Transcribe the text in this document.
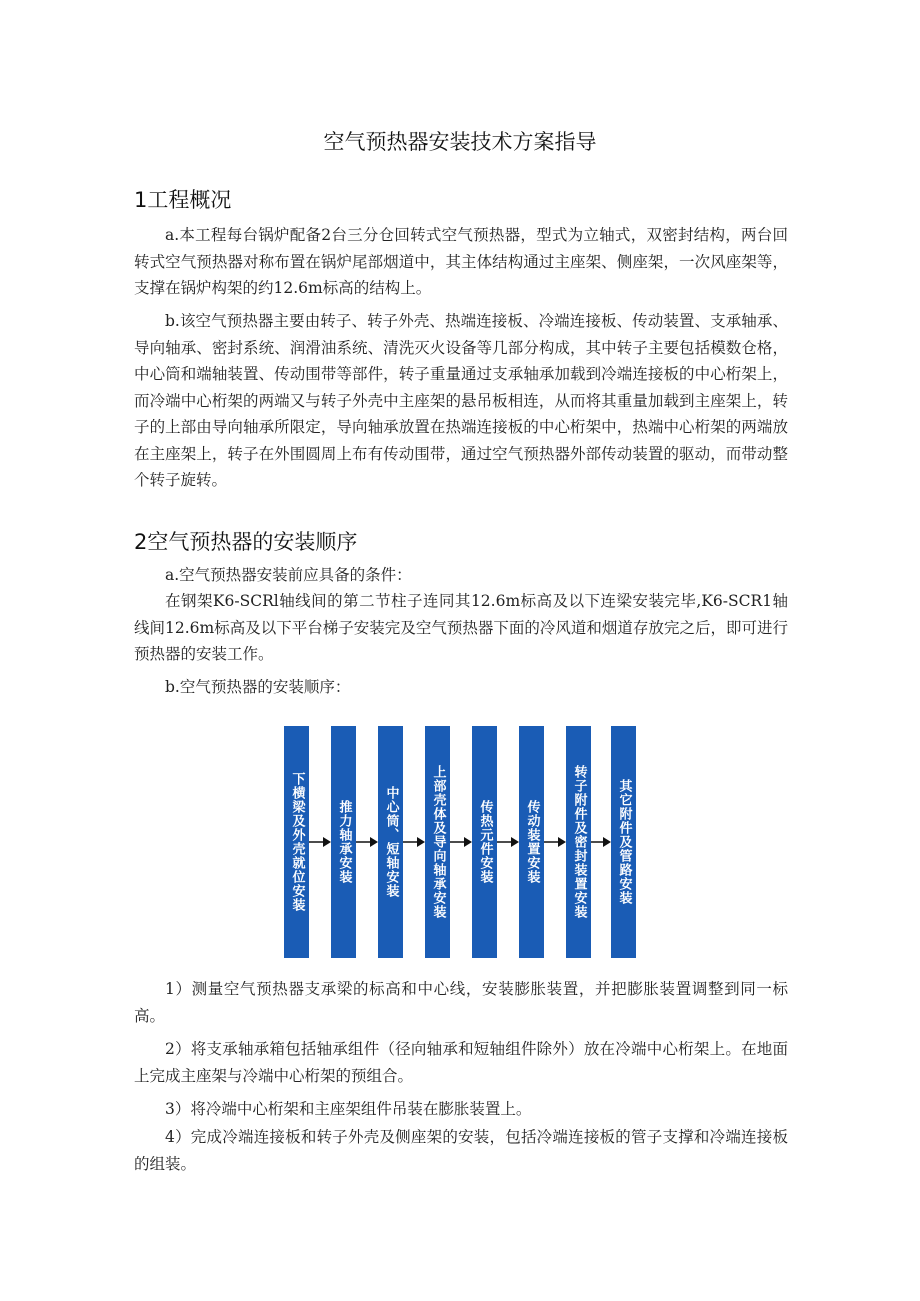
空气预热器安装技术方案指导
1工程概况

a.本工程每台锅炉配备2台三分仓回转式空气预热器，型式为立轴式，双密封结构，两台回转式空气预热器对称布置在锅炉尾部烟道中，其主体结构通过主座架、侧座架，一次风座架等，支撑在锅炉构架的约12.6m标高的结构上。

b.该空气预热器主要由转子、转子外壳、热端连接板、冷端连接板、传动装置、支承轴承、导向轴承、密封系统、润滑油系统、清洗灭火设备等几部分构成，其中转子主要包括模数仓格，中心筒和端轴装置、传动围带等部件，转子重量通过支承轴承加载到冷端连接板的中心桁架上，而冷端中心桁架的两端又与转子外壳中主座架的悬吊板相连，从而将其重量加载到主座架上，转子的上部由导向轴承所限定，导向轴承放置在热端连接板的中心桁架中，热端中心桁架的两端放在主座架上，转子在外围圆周上布有传动围带，通过空气预热器外部传动装置的驱动，而带动整个转子旋转。

2空气预热器的安装顺序

a.空气预热器安装前应具备的条件：

在钢架K6-SCRl轴线间的第二节柱子连同其12.6m标高及以下连梁安装完毕,K6-SCR1轴线间12.6m标高及以下平台梯子安装完及空气预热器下面的冷风道和烟道存放完之后，即可进行预热器的安装工作。

b.空气预热器的安装顺序：

下横梁及外壳就位安装	推力轴承安装	中心筒、短轴安装	上部壳体及导向轴承安装	传热元件安装	传动装置安装	转子附件及密封装置安装	其它附件及管路安装

1）测量空气预热器支承梁的标高和中心线，安装膨胀装置，并把膨胀装置调整到同一标高。

2）将支承轴承箱包括轴承组件（径向轴承和短轴组件除外）放在冷端中心桁架上。在地面上完成主座架与冷端中心桁架的预组合。

3）将冷端中心桁架和主座架组件吊装在膨胀装置上。

4）完成冷端连接板和转子外壳及侧座架的安装，包括冷端连接板的管子支撑和冷端连接板的组装。
